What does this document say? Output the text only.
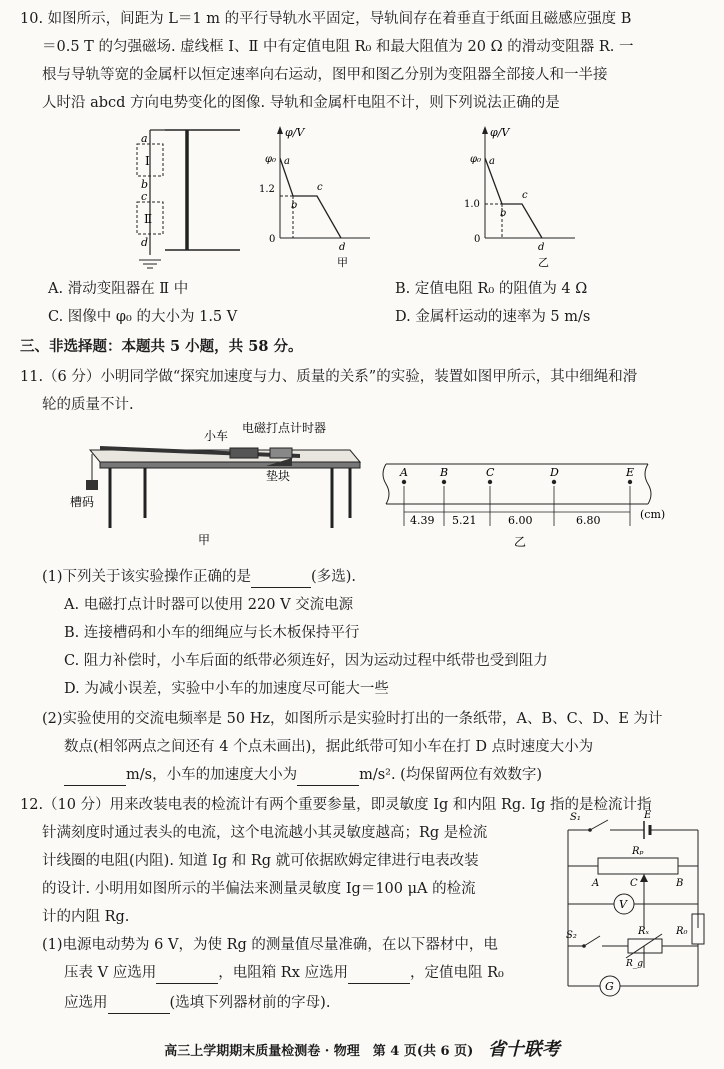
10. 如图所示，间距为 L＝1 m 的平行导轨水平固定，导轨间存在着垂直于纸面且磁感应强度 B
＝0.5 T 的匀强磁场. 虚线框 Ⅰ、Ⅱ 中有定值电阻 R₀ 和最大阻值为 20 Ω 的滑动变阻器 R. 一
根与导轨等宽的金属杆以恒定速率向右运动，图甲和图乙分别为变阻器全部接人和一半接
人时沿 abcd 方向电势变化的图像. 导轨和金属杆电阻不计，则下列说法正确的是
a
b
c
d
Ⅰ
Ⅱ
φ/V
φ₀ a
1.2
b
c
0
d
甲
φ/V
φ₀ a
1.0
b
c
0
d
乙
A. 滑动变阻器在 Ⅱ 中	B. 定值电阻 R₀ 的阻值为 4 Ω
C. 图像中 φ₀ 的大小为 1.5 V	D. 金属杆运动的速率为 5 m/s
三、非选择题：本题共 5 小题，共 58 分。
11.（6 分）小明同学做“探究加速度与力、质量的关系”的实验，装置如图甲所示，其中细绳和滑
轮的质量不计.
小车
电磁打点计时器
垫块
槽码
甲
A	B	C	D	E
4.39 5.21	6.00	6.80	(cm)
乙
(1)下列关于该实验操作正确的是	(多选).
A. 电磁打点计时器可以使用 220 V 交流电源
B. 连接槽码和小车的细绳应与长木板保持平行
C. 阻力补偿时，小车后面的纸带必须连好，因为运动过程中纸带也受到阻力
D. 为减小误差，实验中小车的加速度尽可能大一些
(2)实验使用的交流电频率是 50 Hz，如图所示是实验时打出的一条纸带，A、B、C、D、E 为计
数点(相邻两点之间还有 4 个点未画出)，据此纸带可知小车在打 D 点时速度大小为
m/s，小车的加速度大小为	m/s². (均保留两位有效数字)
12.（10 分）用来改装电表的检流计有两个重要参量，即灵敏度 Ig 和内阻 Rg. Ig 指的是检流计指
针满刻度时通过表头的电流，这个电流越小其灵敏度越高；Rg 是检流
计线圈的电阻(内阻). 知道 Ig 和 Rg 就可依据欧姆定律进行电表改装
的设计. 小明用如图所示的半偏法来测量灵敏度 Ig＝100 μA 的检流
计的内阻 Rg.
(1)电源电动势为 6 V，为使 Rg 的测量值尽量准确，在以下器材中，电
压表 V 应选用	，电阻箱 Rx 应选用	，定值电阻 R₀
应选用	(选填下列器材前的字母).
S₁	E
Rₚ
A	C	B
V
R₀
S₂	Rₓ
R_g
G
高三上学期期末质量检测卷 · 物理　第 4 页(共 6 页) 省十联考
